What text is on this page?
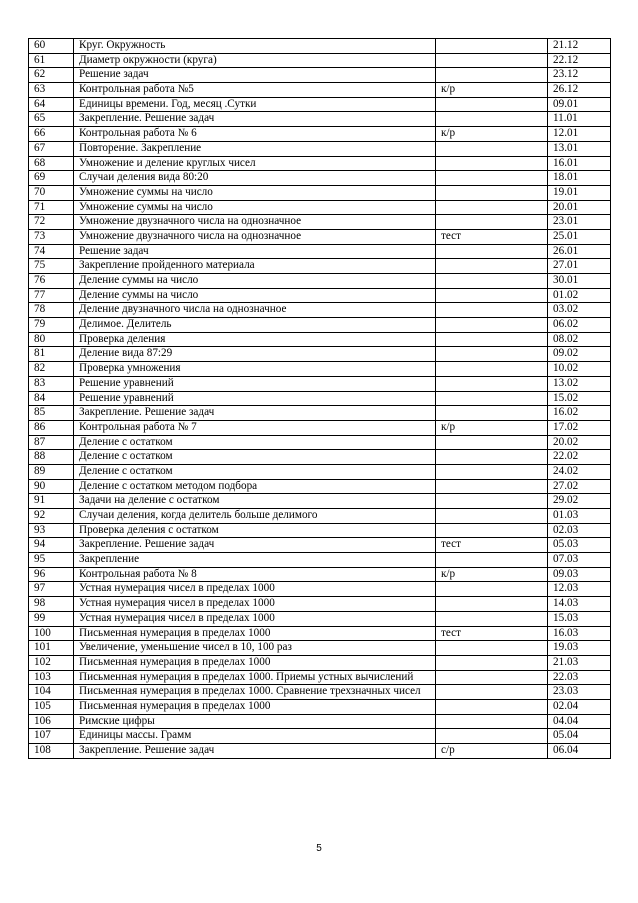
60	Круг. Окружность		21.12
61	Диаметр окружности (круга)		22.12
62	Решение задач		23.12
63	Контрольная работа №5	к/р	26.12
64	Единицы времени. Год, месяц .Сутки		09.01
65	Закрепление. Решение задач		11.01
66	Контрольная работа № 6	к/р	12.01
67	Повторение. Закрепление		13.01
68	Умножение и деление круглых чисел		16.01
69	Случаи деления вида 80:20		18.01
70	Умножение суммы на число		19.01
71	Умножение суммы на число		20.01
72	Умножение двузначного числа на однозначное		23.01
73	Умножение двузначного числа на однозначное	тест	25.01
74	Решение задач		26.01
75	Закрепление пройденного материала		27.01
76	Деление суммы на число		30.01
77	Деление суммы на число		01.02
78	Деление двузначного числа на однозначное		03.02
79	Делимое. Делитель		06.02
80	Проверка деления		08.02
81	Деление вида 87:29		09.02
82	Проверка умножения		10.02
83	Решение уравнений		13.02
84	Решение уравнений		15.02
85	Закрепление. Решение задач		16.02
86	Контрольная работа № 7	к/р	17.02
87	Деление с остатком		20.02
88	Деление с остатком		22.02
89	Деление с остатком		24.02
90	Деление с остатком методом подбора		27.02
91	Задачи на деление с остатком		29.02
92	Случаи деления, когда делитель больше делимого		01.03
93	Проверка деления с остатком		02.03
94	Закрепление. Решение задач	тест	05.03
95	Закрепление		07.03
96	Контрольная работа № 8	к/р	09.03
97	Устная нумерация чисел в пределах 1000		12.03
98	Устная нумерация чисел в пределах 1000		14.03
99	Устная нумерация чисел в пределах 1000		15.03
100	Письменная нумерация в пределах 1000	тест	16.03
101	Увеличение, уменьшение чисел в 10, 100 раз		19.03
102	Письменная нумерация в пределах 1000		21.03
103	Письменная нумерация в пределах 1000. Приемы устных вычислений		22.03
104	Письменная нумерация в пределах 1000. Сравнение трехзначных чисел		23.03
105	Письменная нумерация в пределах 1000		02.04
106	Римские цифры		04.04
107	Единицы массы. Грамм		05.04
108	Закрепление. Решение задач	с/р	06.04
5
